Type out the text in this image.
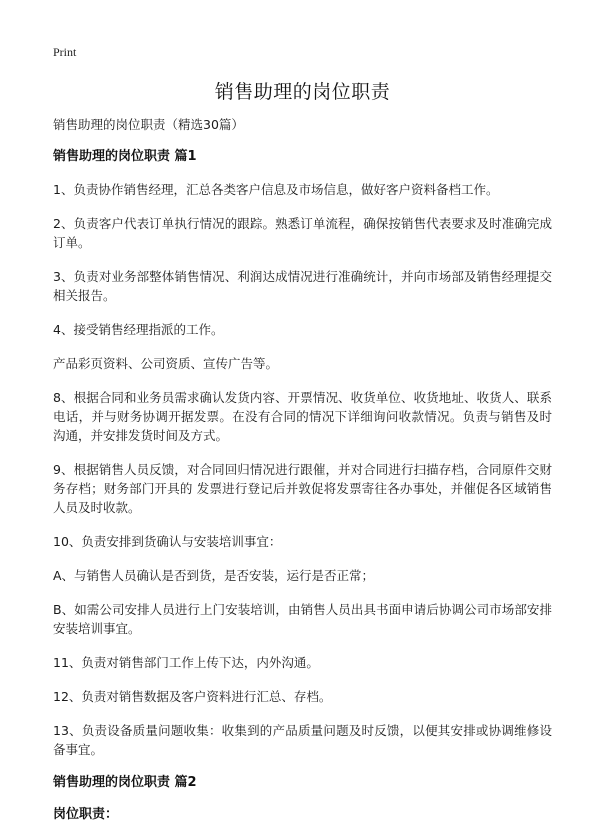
Print
销售助理的岗位职责

销售助理的岗位职责（精选30篇）

销售助理的岗位职责 篇1

1、负责协作销售经理，汇总各类客户信息及市场信息，做好客户资料备档工作。

2、负责客户代表订单执行情况的跟踪。熟悉订单流程，确保按销售代表要求及时准确完成订单。

3、负责对业务部整体销售情况、利润达成情况进行准确统计，并向市场部及销售经理提交相关报告。

4、接受销售经理指派的工作。

产品彩页资料、公司资质、宣传广告等。

8、根据合同和业务员需求确认发货内容、开票情况、收货单位、收货地址、收货人、联系电话，并与财务协调开据发票。在没有合同的情况下详细询问收款情况。负责与销售及时沟通，并安排发货时间及方式。

9、根据销售人员反馈，对合同回归情况进行跟催，并对合同进行扫描存档，合同原件交财务存档；财务部门开具的 发票进行登记后并敦促将发票寄往各办事处，并催促各区域销售人员及时收款。

10、负责安排到货确认与安装培训事宜：

A、与销售人员确认是否到货，是否安装，运行是否正常；

B、如需公司安排人员进行上门安装培训，由销售人员出具书面申请后协调公司市场部安排安装培训事宜。

11、负责对销售部门工作上传下达，内外沟通。

12、负责对销售数据及客户资料进行汇总、存档。

13、负责设备质量问题收集：收集到的产品质量问题及时反馈，以便其安排或协调维修设备事宜。

销售助理的岗位职责 篇2
岗位职责：
